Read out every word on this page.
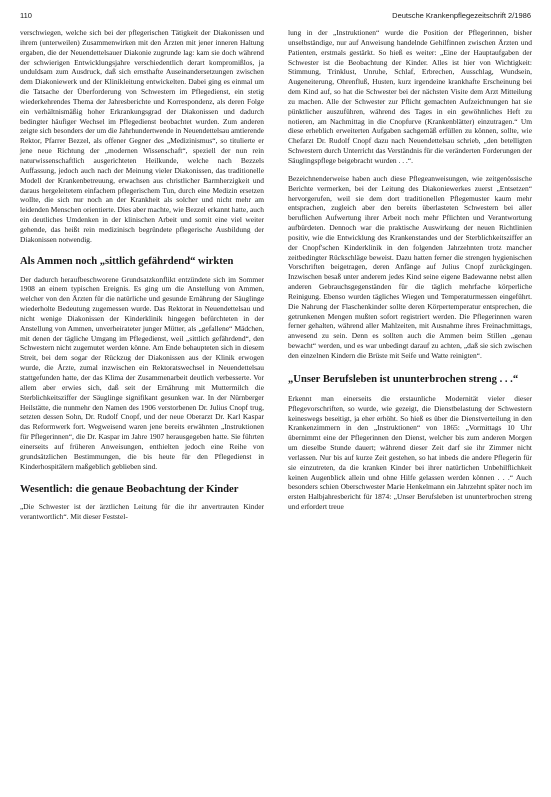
110	Deutsche Krankenpflegezeitschrift 2/1986

verschwiegen, welche sich bei der pflegerischen Tätigkeit der Diakonissen und ihrem (unterweilen) Zusammenwirken mit den Ärzten mit jener inneren Haltung ergaben, die der Neuendettelsauer Diakonie zugrunde lag: kam sie doch während der schwierigen Entwicklungsjahre verschiedentlich derart kompromißlos, ja unduldsam zum Ausdruck, daß sich ernsthafte Auseinandersetzungen zwischen dem Diakoniewerk und der Klinikleitung entwickelten. Dabei ging es einmal um die Tatsache der Überforderung von Schwestern im Pflegedienst, ein stetig wiederkehrendes Thema der Jahresberichte und Korrespondenz, als deren Folge ein verhältnismäßig hoher Erkrankungsgrad der Diakonissen und dadurch bedingter häufiger Wechsel im Pflegedienst beobachtet wurden. Zum anderen zeigte sich besonders der um die Jahrhundertwende in Neuendettelsau amtierende Rektor, Pfarrer Bezzel, als offener Gegner des „Medizinismus“, so titulierte er jene neue Richtung der „modernen Wissenschaft“, speziell der nun rein naturwissenschaftlich ausgerichteten Heilkunde, welche nach Bezzels Auffassung, jedoch auch nach der Meinung vieler Diakonissen, das traditionelle Modell der Krankenbetreuung, erwachsen aus christlicher Barmherzigkeit und daraus hergeleitetem einfachem pflegerischem Tun, durch eine Medizin ersetzen wollte, die sich nur noch an der Krankheit als solcher und nicht mehr am leidenden Menschen orientierte. Dies aber machte, wie Bezzel erkannt hatte, auch ein deutliches Umdenken in der klinischen Arbeit und somit eine viel weiter gehende, das heißt rein medizinisch begründete pflegerische Ausbildung der Diakonissen notwendig.

Als Ammen noch „sittlich gefährdend“ wirkten

Der dadurch heraufbeschworene Grundsatzkonflikt entzündete sich im Sommer 1908 an einem typischen Ereignis. Es ging um die Anstellung von Ammen, welcher von den Ärzten für die natürliche und gesunde Ernährung der Säuglinge wiederholte Bedeutung zugemessen wurde. Das Rektorat in Neuendettelsau und nicht wenige Diakonissen der Kinderklinik hingegen befürchteten in der Anstellung von Ammen, unverheirateter junger Mütter, als „gefallene“ Mädchen, mit denen der tägliche Umgang im Pflegedienst, weil „sittlich gefährdend“, den Schwestern nicht zugemutet werden könne. Am Ende behaupteten sich in diesem Streit, bei dem sogar der Rückzug der Diakonissen aus der Klinik erwogen wurde, die Ärzte, zumal inzwischen ein Rektoratswechsel in Neuendettelsau stattgefunden hatte, der das Klima der Zusammenarbeit deutlich verbesserte. Vor allem aber erwies sich, daß seit der Ernährung mit Muttermilch die Sterblichkeitsziffer der Säuglinge signifikant gesunken war. In der Nürnberger Heilstätte, die nunmehr den Namen des 1906 verstorbenen Dr. Julius Cnopf trug, setzten dessen Sohn, Dr. Rudolf Cnopf, und der neue Oberarzt Dr. Karl Kaspar das Reformwerk fort. Wegweisend waren jene bereits erwähnten „Instruktionen für Pflegerinnen“, die Dr. Kaspar im Jahre 1907 herausgegeben hatte. Sie führten einerseits auf früheren Anweisungen, enthielten jedoch eine Reihe von grundsätzlichen Bestimmungen, die bis heute für den Pflegedienst in Kinderhospitälern maßgeblich geblieben sind.

Wesentlich: die genaue Beobachtung der Kinder

„Die Schwester ist der ärztlichen Leitung für die ihr anvertrauten Kinder verantwortlich“. Mit dieser Feststel-

lung in der „Instruktionen“ wurde die Position der Pflegerinnen, bisher unselbständige, nur auf Anweisung handelnde Gehilfinnen zwischen Ärzten und Patienten, erstmals gestärkt. So hieß es weiter: „Eine der Hauptaufgaben der Schwester ist die Beobachtung der Kinder. Alles ist hier von Wichtigkeit: Stimmung, Trinklust, Unruhe, Schlaf, Erbrechen, Ausschlag, Wundsein, Augeneiterung, Ohrenfluß, Husten, kurz irgendeine krankhafte Erscheinung bei dem Kind auf, so hat die Schwester bei der nächsten Visite dem Arzt Mitteilung zu machen. Alle der Schwester zur Pflicht gemachten Aufzeichnungen hat sie pünktlicher auszuführen, während des Tages in ein gewöhnliches Heft zu notieren, am Nachmittag in die Cnopfurve (Krankenblätter) einzutragen.“ Um diese erheblich erweiterten Aufgaben sachgemäß erfüllen zu können, sollte, wie Chefarzt Dr. Rudolf Cnopf dazu nach Neuendettelsau schrieb, „den betelligten Schwestern durch Unterricht das Verständnis für die veränderten Forderungen der Säuglingspflege beigebracht wurden . . .“.

Bezeichnenderweise haben auch diese Pflegeanweisungen, wie zeitgenössische Berichte vermerken, bei der Leitung des Diakoniewerkes zuerst „Entsetzen“ hervorgerufen, weil sie dem dort traditionellen Pflegemuster kaum mehr entsprachen, zugleich aber den bereits überlasteten Schwestern bei aller beruflichen Aufwertung ihrer Arbeit noch mehr Pflichten und Verantwortung aufbürdeten. Dennoch war die praktische Auswirkung der neuen Richtlinien positiv, wie die Entwicklung des Krankenstandes und der Sterblichkeitsziffer an der Cnopf'schen Kinderklinik in den folgenden Jahrzehnten trotz mancher zeitbedingter Rückschläge beweist. Dazu hatten ferner die strengen hygienischen Vorschriften beigetragen, deren Anfänge auf Julius Cnopf zurückgingen. Inzwischen besaß unter anderem jedes Kind seine eigene Badewanne nebst allen anderen Gebrauchsgegenständen für die täglich mehrfache körperliche Reinigung. Ebenso wurden tägliches Wiegen und Temperaturmessen eingeführt. Die Nahrung der Flaschenkinder sollte deren Körpertemperatur entsprechen, die getrunkenen Mengen mußten sofort registriert werden. Die Pflegerinnen waren ferner gehalten, während aller Mahlzeiten, mit Ausnahme ihres Freinachmittags, anwesend zu sein. Denn es sollten auch die Ammen beim Stillen „genau bewacht“ werden, und es war unbedingt darauf zu achten, „daß sie sich zwischen den einzelnen Kindern die Brüste mit Seife und Watte reinigten“.

„Unser Berufsleben ist ununterbrochen streng . . .“

Erkennt man einerseits die erstaunliche Modernität vieler dieser Pflegevorschriften, so wurde, wie gezeigt, die Dienstbelastung der Schwestern keineswegs beseitigt, ja eher erhöht. So hieß es über die Dienstverteilung in den Krankenzimmern in den „Instruktionen“ von 1865: „Vormittags 10 Uhr übernimmt eine der Pflegerinnen den Dienst, welcher bis zum anderen Morgen um dieselbe Stunde dauert; während dieser Zeit darf sie ihr Zimmer nicht verlassen. Nur bis auf kurze Zeit gestehen, so hat inbeds die andere Pflegerin für sie einzutreten, da die kranken Kinder bei ihrer natürlichen Unbehilflichkeit keinen Augenblick allein und ohne Hilfe gelassen werden können . . .“ Auch besonders schien Oberschwester Marie Henkelmann ein Jahrzehnt später noch im ersten Halbjahresbericht für 1874: „Unser Berufsleben ist ununterbrochen streng und erfordert treue
